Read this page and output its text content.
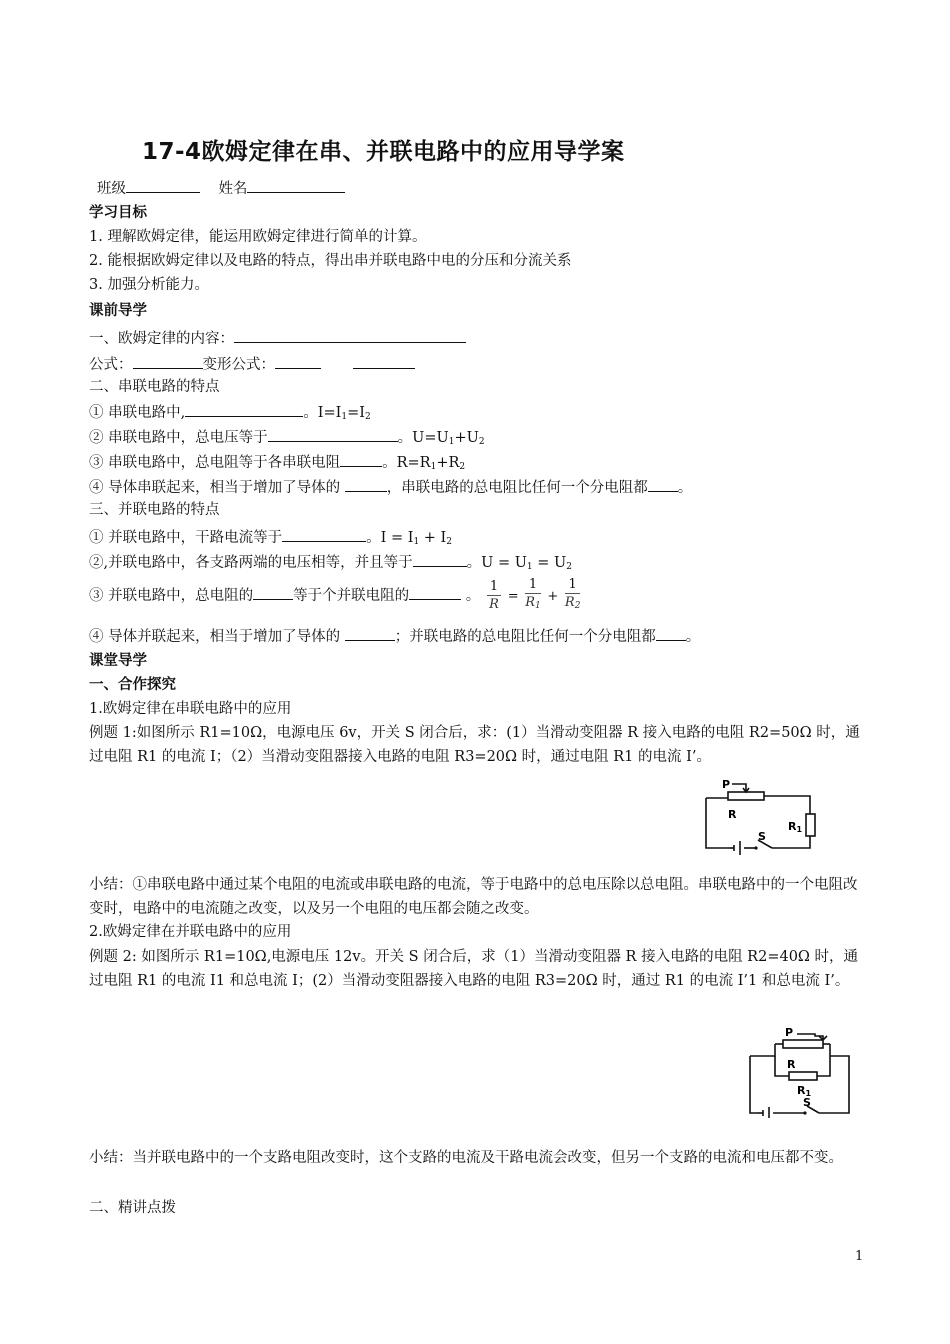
17-4欧姆定律在串、并联电路中的应用导学案
班级	姓名
学习目标
1. 理解欧姆定律，能运用欧姆定律进行简单的计算。
2. 能根据欧姆定律以及电路的特点，得出串并联电路中电的分压和分流关系
3. 加强分析能力。
课前导学
一、欧姆定律的内容：
公式：	变形公式：
二、串联电路的特点
① 串联电路中,	。$I=I_1=I_2$
② 串联电路中，总电压等于	。$U=U_1+U_2$
③ 串联电路中，总电阻等于各串联电阻	。$R=R_1+R_2$
④ 导体串联起来，相当于增加了导体的	，串联电路的总电阻比任何一个分电阻都 。
三、并联电路的特点
① 并联电路中，干路电流等于	。$I = I_1 + I_2$
②,并联电路中，各支路两端的电压相等，并且等于	。$U = U_1 = U_2$
③ 并联电路中，总电阻的	等于个并联电阻的	。 $\frac{1}{R} = \frac{1}{R_1} + \frac{1}{R_2}$
④ 导体并联起来，相当于增加了导体的	；并联电路的总电阻比任何一个分电阻都 。
课堂导学
一、合作探究
1.欧姆定律在串联电路中的应用
例题 1:如图所示 R1=10Ω，电源电压 6v，开关 S 闭合后，求：(1）当滑动变阻器 R 接入电路的电阻 R2=50Ω 时，通过电阻 R1 的电流 I；（2）当滑动变阻器接入电路的电阻 R3=20Ω 时，通过电阻 R1 的电流 I’。
P
R
R1
S
小结：①串联电路中通过某个电阻的电流或串联电路的电流，等于电路中的总电压除以总电阻。串联电路中的一个电阻改变时，电路中的电流随之改变，以及另一个电阻的电压都会随之改变。
2.欧姆定律在并联电路中的应用
例题 2: 如图所示 R1=10Ω,电源电压 12v。开关 S 闭合后，求（1）当滑动变阻器 R 接入电路的电阻 R2=40Ω 时，通过电阻 R1 的电流 I1 和总电流 I；(2）当滑动变阻器接入电路的电阻 R3=20Ω 时，通过 R1 的电流 I’1 和总电流 I’。
P
R
R1
S
小结：当并联电路中的一个支路电阻改变时，这个支路的电流及干路电流会改变，但另一个支路的电流和电压都不变。
二、精讲点拨
1
